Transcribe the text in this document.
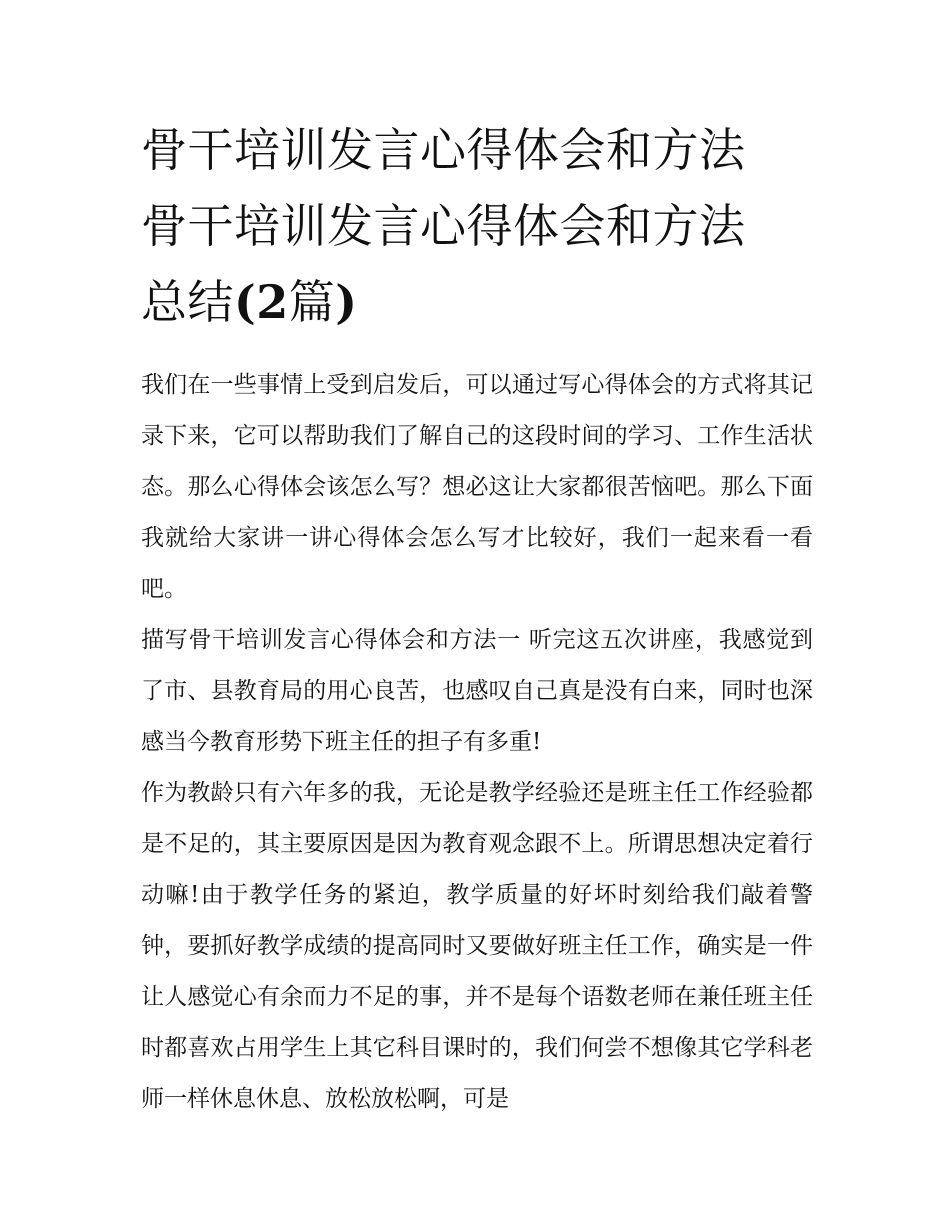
骨干培训发言心得体会和方法
骨干培训发言心得体会和方法
总结(2篇)

我们在一些事情上受到启发后，可以通过写心得体会的方式将其记录下来，它可以帮助我们了解自己的这段时间的学习、工作生活状态。那么心得体会该怎么写？想必这让大家都很苦恼吧。那么下面我就给大家讲一讲心得体会怎么写才比较好，我们一起来看一看吧。

描写骨干培训发言心得体会和方法一 听完这五次讲座，我感觉到了市、县教育局的用心良苦，也感叹自己真是没有白来，同时也深感当今教育形势下班主任的担子有多重!

作为教龄只有六年多的我，无论是教学经验还是班主任工作经验都是不足的，其主要原因是因为教育观念跟不上。所谓思想决定着行动嘛!由于教学任务的紧迫，教学质量的好坏时刻给我们敲着警钟，要抓好教学成绩的提高同时又要做好班主任工作，确实是一件让人感觉心有余而力不足的事，并不是每个语数老师在兼任班主任时都喜欢占用学生上其它科目课时的，我们何尝不想像其它学科老师一样休息休息、放松放松啊，可是
